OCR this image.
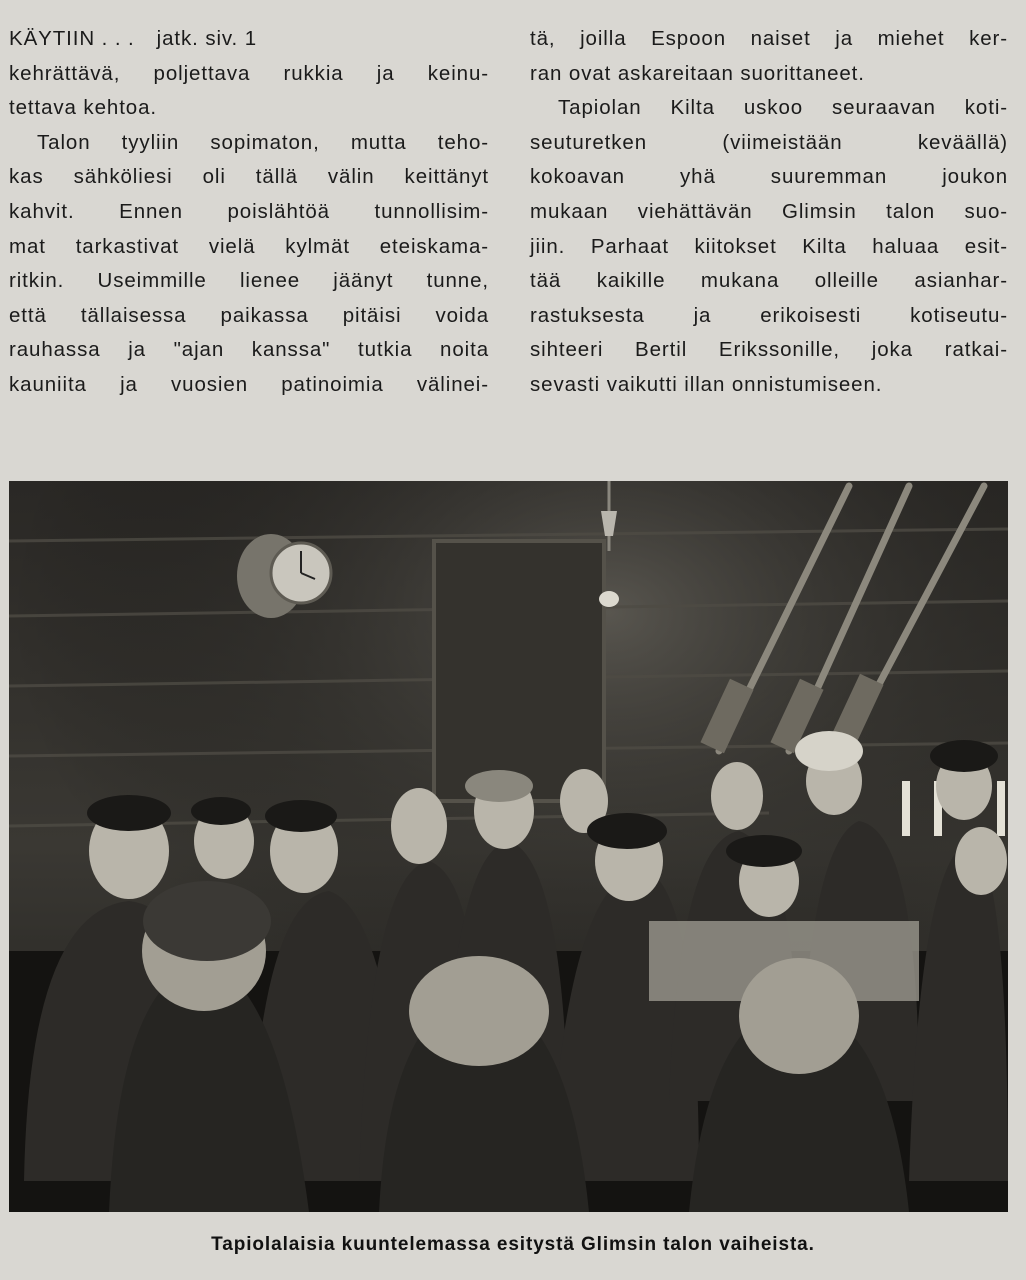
KÄYTIIN . . . jatk. siv. 1
kehrättävä, poljettava rukkia ja keinu-
tettava kehtoa.
Talon tyyliin sopimaton, mutta teho-
kas sähköliesi oli tällä välin keittänyt
kahvit. Ennen poislähtöä tunnollisim-
mat tarkastivat vielä kylmät eteiskama-
ritkin. Useimmille lienee jäänyt tunne,
että tällaisessa paikassa pitäisi voida
rauhassa ja "ajan kanssa" tutkia noita
kauniita ja vuosien patinoimia välinei-
tä, joilla Espoon naiset ja miehet ker-
ran ovat askareitaan suorittaneet.
Tapiolan Kilta uskoo seuraavan koti-
seuturetken (viimeistään keväällä)
kokoavan yhä suuremman joukon
mukaan viehättävän Glimsin talon suo-
jiin. Parhaat kiitokset Kilta haluaa esit-
tää kaikille mukana olleille asianhar-
rastuksesta ja erikoisesti kotiseutu-
sihteeri Bertil Erikssonille, joka ratkai-
sevasti vaikutti illan onnistumiseen.
Tapiolalaisia kuuntelemassa esitystä Glimsin talon vaiheista.
